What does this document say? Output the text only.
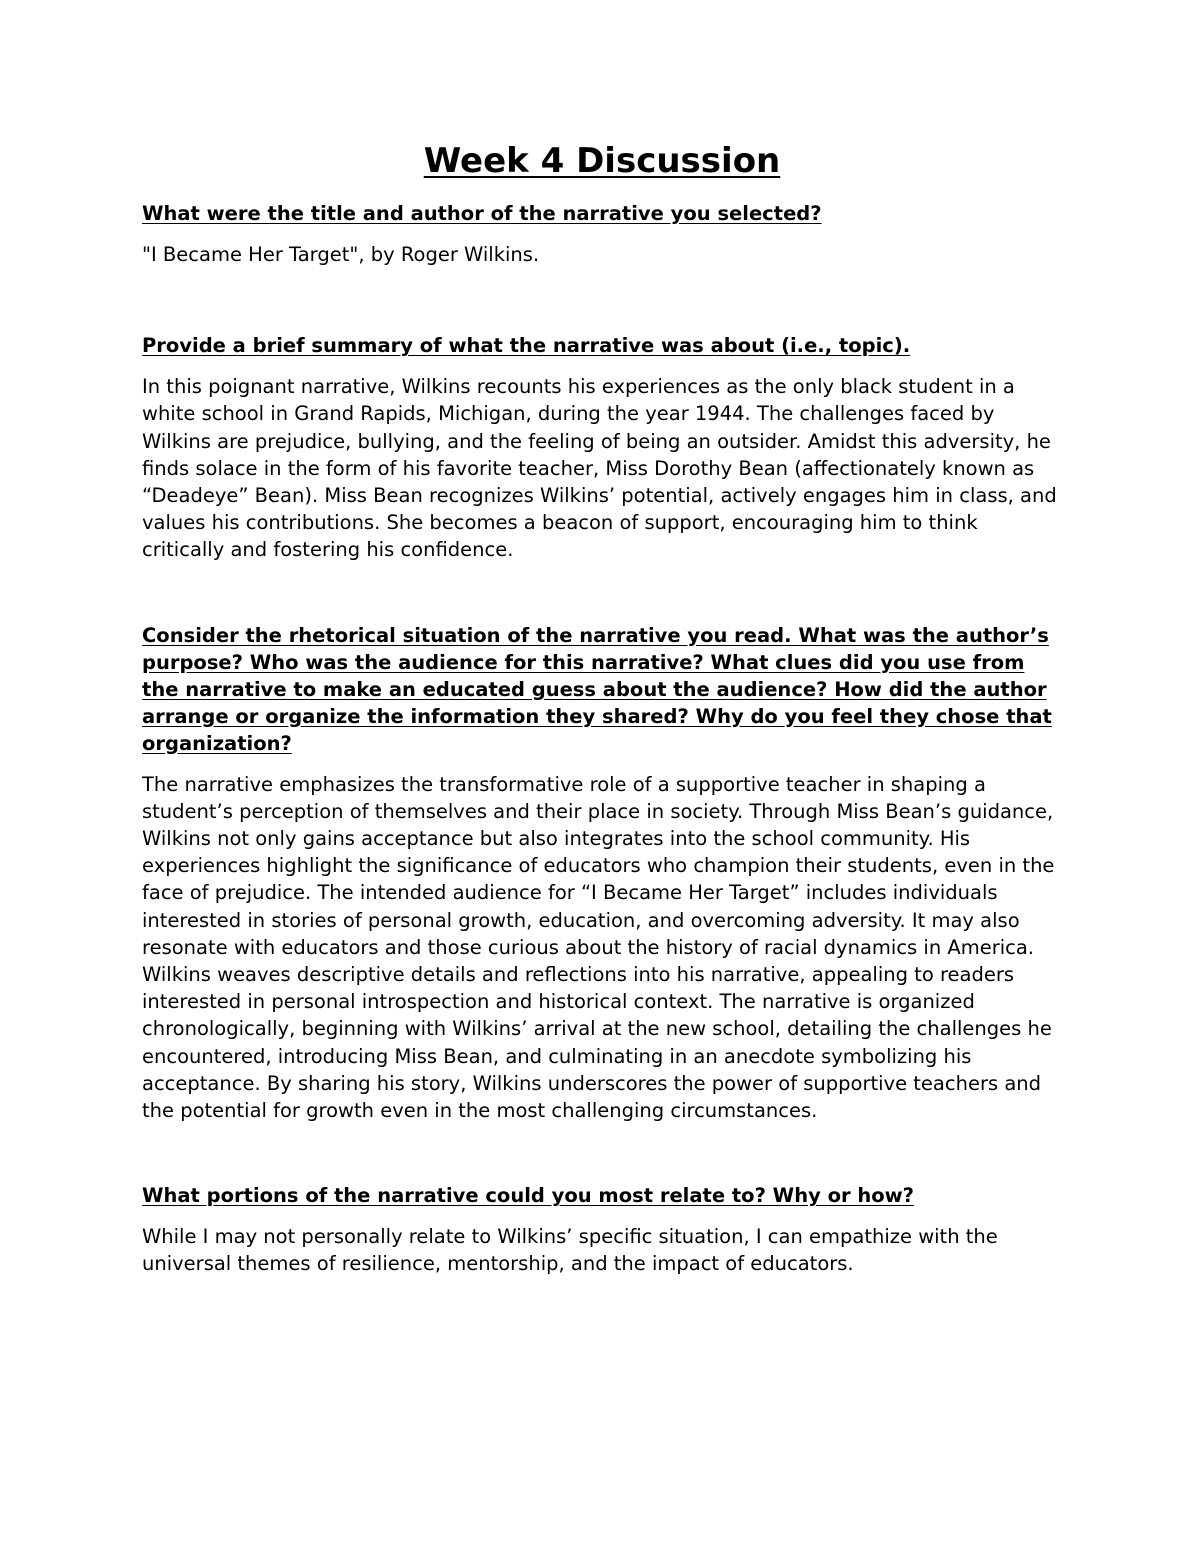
Week 4 Discussion

What were the title and author of the narrative you selected?

"I Became Her Target", by Roger Wilkins.

Provide a brief summary of what the narrative was about (i.e., topic).

In this poignant narrative, Wilkins recounts his experiences as the only black student in a white school in Grand Rapids, Michigan, during the year 1944. The challenges faced by Wilkins are prejudice, bullying, and the feeling of being an outsider. Amidst this adversity, he finds solace in the form of his favorite teacher, Miss Dorothy Bean (affectionately known as “Deadeye” Bean). Miss Bean recognizes Wilkins’ potential, actively engages him in class, and values his contributions. She becomes a beacon of support, encouraging him to think critically and fostering his confidence.

Consider the rhetorical situation of the narrative you read. What was the author’s purpose? Who was the audience for this narrative? What clues did you use from the narrative to make an educated guess about the audience? How did the author arrange or organize the information they shared? Why do you feel they chose that organization?

The narrative emphasizes the transformative role of a supportive teacher in shaping a student’s perception of themselves and their place in society. Through Miss Bean’s guidance, Wilkins not only gains acceptance but also integrates into the school community. His experiences highlight the significance of educators who champion their students, even in the face of prejudice. The intended audience for “I Became Her Target” includes individuals interested in stories of personal growth, education, and overcoming adversity. It may also resonate with educators and those curious about the history of racial dynamics in America. Wilkins weaves descriptive details and reflections into his narrative, appealing to readers interested in personal introspection and historical context. The narrative is organized chronologically, beginning with Wilkins’ arrival at the new school, detailing the challenges he encountered, introducing Miss Bean, and culminating in an anecdote symbolizing his acceptance. By sharing his story, Wilkins underscores the power of supportive teachers and the potential for growth even in the most challenging circumstances.

What portions of the narrative could you most relate to? Why or how?

While I may not personally relate to Wilkins’ specific situation, I can empathize with the universal themes of resilience, mentorship, and the impact of educators.
